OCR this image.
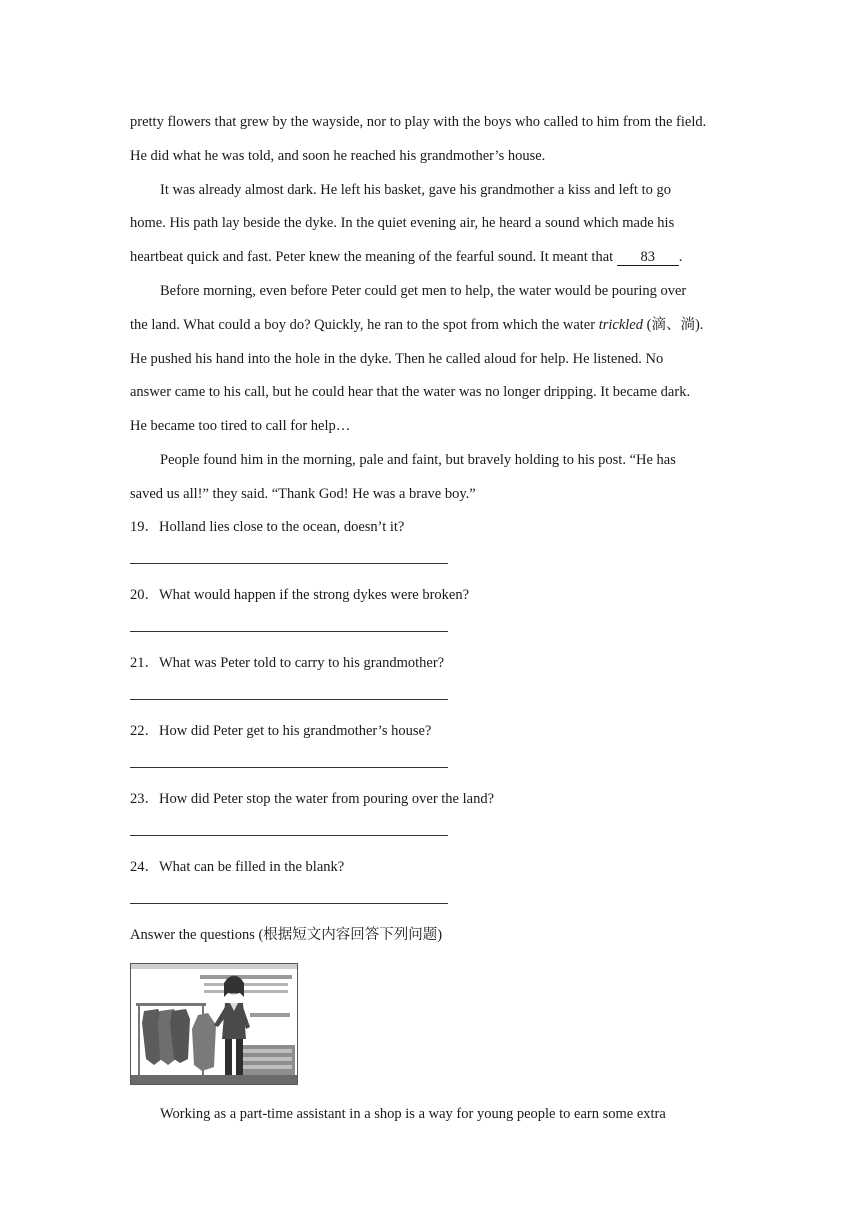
pretty flowers that grew by the wayside, nor to play with the boys who called to him from the field.
He did what he was told, and soon he reached his grandmother’s house.
It was already almost dark. He left his basket, gave his grandmother a kiss and left to go
home. His path lay beside the dyke. In the quiet evening air, he heard a sound which made his
heartbeat quick and fast. Peter knew the meaning of the fearful sound. It meant that 83 .
Before morning, even before Peter could get men to help, the water would be pouring over
the land. What could a boy do? Quickly, he ran to the spot from which the water trickled (滴、淌).
He pushed his hand into the hole in the dyke. Then he called aloud for help. He listened. No
answer came to his call, but he could hear that the water was no longer dripping. It became dark.
He became too tired to call for help…
People found him in the morning, pale and faint, but bravely holding to his post. “He has
saved us all!” they said. “Thank God! He was a brave boy.”
19．Holland lies close to the ocean, doesn’t it?
20．What would happen if the strong dykes were broken?
21．What was Peter told to carry to his grandmother?
22．How did Peter get to his grandmother’s house?
23．How did Peter stop the water from pouring over the land?
24．What can be filled in the blank?
Answer the questions (根据短文内容回答下列问题)
Working as a part-time assistant in a shop is a way for young people to earn some extra
